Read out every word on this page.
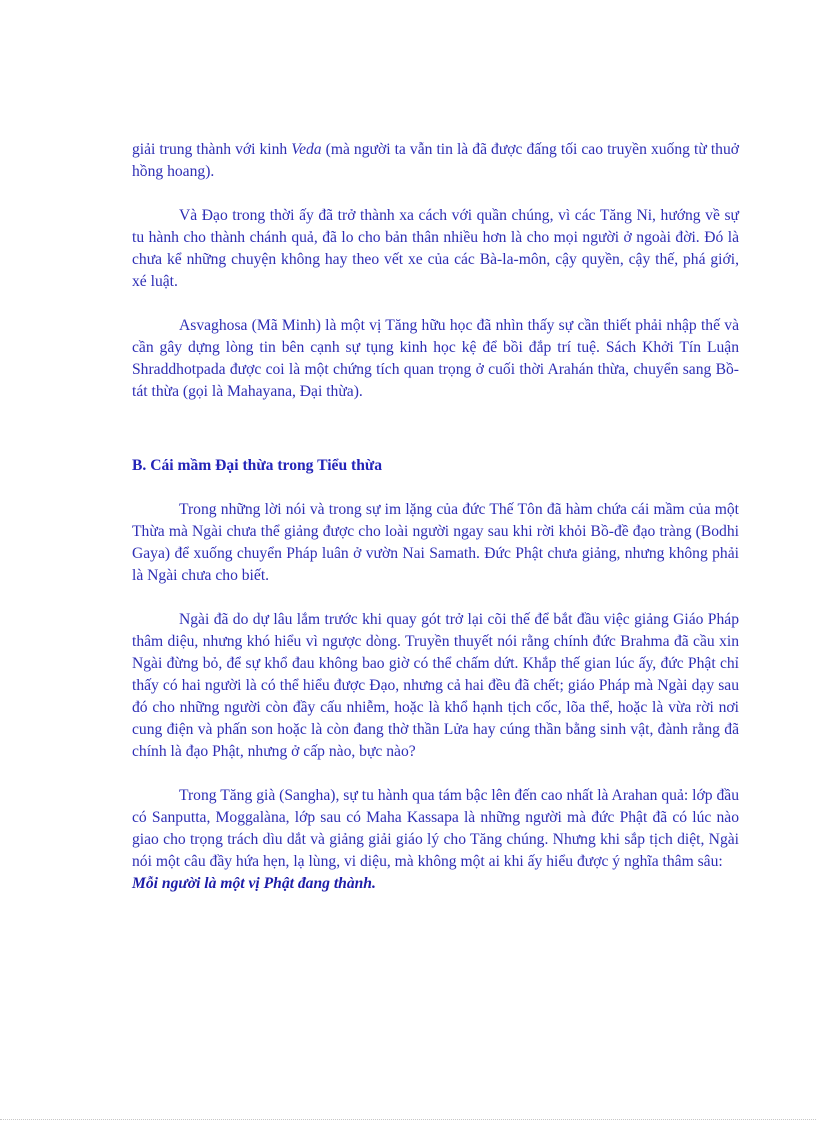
giải trung thành với kinh Veda (mà người ta vẫn tin là đã được đấng tối cao truyền xuống từ thuở hồng hoang).

Và Đạo trong thời ấy đã trở thành xa cách với quần chúng, vì các Tăng Ni, hướng về sự tu hành cho thành chánh quả, đã lo cho bản thân nhiều hơn là cho mọi người ở ngoài đời. Đó là chưa kể những chuyện không hay theo vết xe của các Bà-la-môn, cậy quyền, cậy thế, phá giới, xé luật.

Asvaghosa (Mã Minh) là một vị Tăng hữu học đã nhìn thấy sự cần thiết phải nhập thế và cần gây dựng lòng tin bên cạnh sự tụng kinh học kệ để bồi đắp trí tuệ. Sách Khởi Tín Luận Shraddhotpada được coi là một chứng tích quan trọng ở cuối thời Arahán thừa, chuyển sang Bồ-tát thừa (gọi là Mahayana, Đại thừa).

B. Cái mầm Đại thừa trong Tiểu thừa

Trong những lời nói và trong sự im lặng của đức Thế Tôn đã hàm chứa cái mầm của một Thừa mà Ngài chưa thể giảng được cho loài người ngay sau khi rời khỏi Bồ-đề đạo tràng (Bodhi Gaya) để xuống chuyển Pháp luân ở vườn Nai Samath. Đức Phật chưa giảng, nhưng không phải là Ngài chưa cho biết.

Ngài đã do dự lâu lắm trước khi quay gót trở lại cõi thế để bắt đầu việc giảng Giáo Pháp thâm diệu, nhưng khó hiểu vì ngược dòng. Truyền thuyết nói rằng chính đức Brahma đã cầu xin Ngài đừng bỏ, để sự khổ đau không bao giờ có thể chấm dứt. Khắp thế gian lúc ấy, đức Phật chỉ thấy có hai người là có thể hiểu được Đạo, nhưng cả hai đều đã chết; giáo Pháp mà Ngài dạy sau đó cho những người còn đầy cấu nhiễm, hoặc là khổ hạnh tịch cốc, lõa thể, hoặc là vừa rời nơi cung điện và phấn son hoặc là còn đang thờ thần Lửa hay cúng thần bằng sinh vật, đành rằng đã chính là đạo Phật, nhưng ở cấp nào, bực nào?

Trong Tăng già (Sangha), sự tu hành qua tám bậc lên đến cao nhất là Arahan quả: lớp đầu có Sanputta, Moggalàna, lớp sau có Maha Kassapa là những người mà đức Phật đã có lúc nào giao cho trọng trách dìu dắt và giảng giải giáo lý cho Tăng chúng. Nhưng khi sắp tịch diệt, Ngài nói một câu đầy hứa hẹn, lạ lùng, vi diệu, mà không một ai khi ấy hiểu được ý nghĩa thâm sâu:

Mỗi người là một vị Phật đang thành.
